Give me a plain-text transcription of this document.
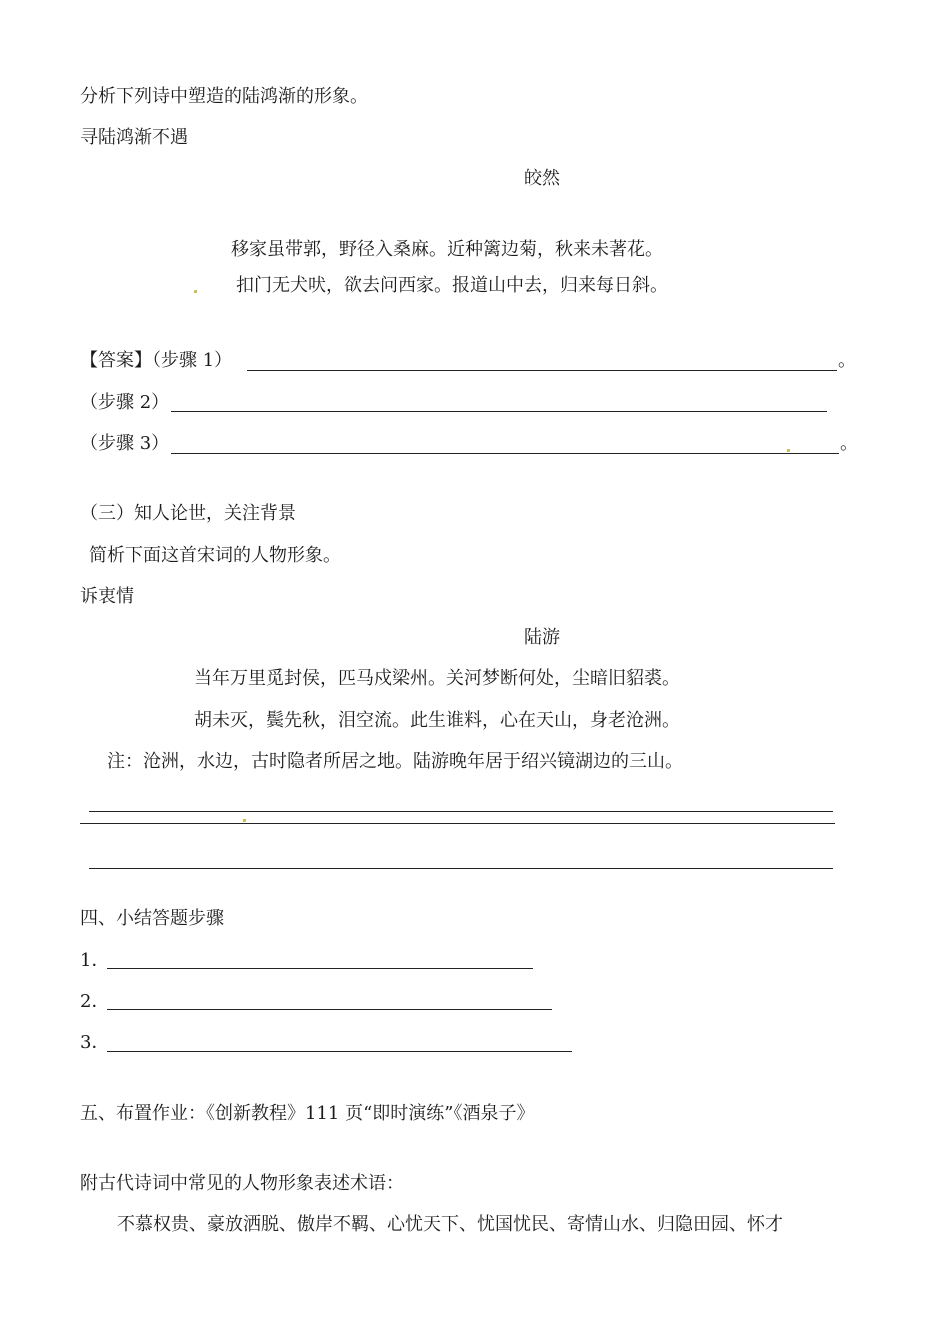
分析下列诗中塑造的陆鸿渐的形象。
寻陆鸿渐不遇
皎然
移家虽带郭，野径入桑麻。近种篱边菊，秋来未著花。
扣门无犬吠，欲去问西家。报道山中去，归来每日斜。
【答案】（步骤 1）	。
（步骤 2）
（步骤 3）	。
（三）知人论世，关注背景
简析下面这首宋词的人物形象。
诉衷情
陆游
当年万里觅封侯，匹马戍梁州。关河梦断何处，尘暗旧貂裘。
胡未灭，鬓先秋，泪空流。此生谁料，心在天山，身老沧洲。
注：沧洲，水边，古时隐者所居之地。陆游晚年居于绍兴镜湖边的三山。
四、小结答题步骤
1．
2．
3．
五、布置作业：《创新教程》111 页“即时演练”《酒泉子》
附古代诗词中常见的人物形象表述术语：
不慕权贵、豪放洒脱、傲岸不羁、心忧天下、忧国忧民、寄情山水、归隐田园、怀才
